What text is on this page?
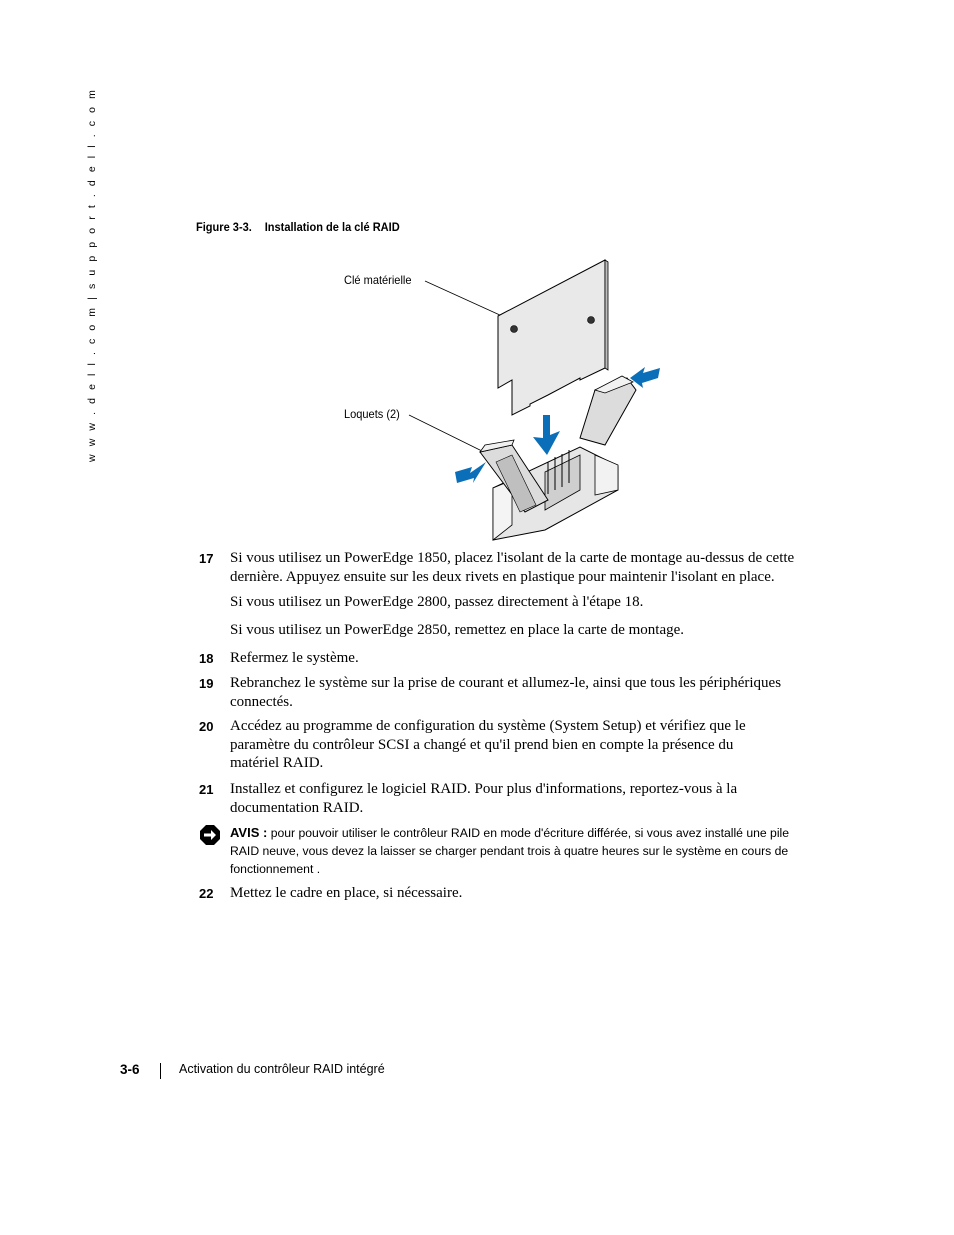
w w w . d e l l . c o m | s u p p o r t . d e l l . c o m	Figure 3-3. Installation de la clé RAID
Clé matérielle
Loquets (2)
17 Si vous utilisez un PowerEdge 1850, placez l'isolant de la carte de montage au-dessus de cette dernière. Appuyez ensuite sur les deux rivets en plastique pour maintenir l'isolant en place.
Si vous utilisez un PowerEdge 2800, passez directement à l'étape 18.
Si vous utilisez un PowerEdge 2850, remettez en place la carte de montage.
18 Refermez le système.
19 Rebranchez le système sur la prise de courant et allumez-le, ainsi que tous les périphériques connectés.
20 Accédez au programme de configuration du système (System Setup) et vérifiez que le paramètre du contrôleur SCSI a changé et qu'il prend bien en compte la présence du matériel RAID.
21 Installez et configurez le logiciel RAID. Pour plus d'informations, reportez-vous à la documentation RAID.
AVIS : pour pouvoir utiliser le contrôleur RAID en mode d'écriture différée, si vous avez installé une pile RAID neuve, vous devez la laisser se charger pendant trois à quatre heures sur le système en cours de fonctionnement .
22 Mettez le cadre en place, si nécessaire.
3-6	Activation du contrôleur RAID intégré
